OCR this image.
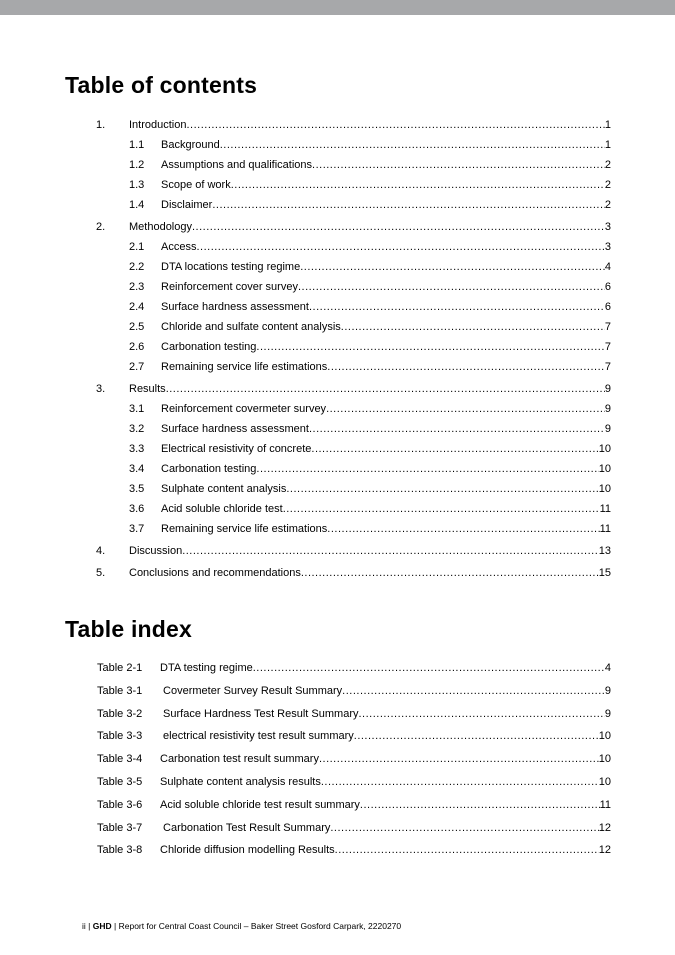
Table of contents
1. Introduction .....	1
1.1 Background .....	1
1.2 Assumptions and qualifications .....	2
1.3 Scope of work .....	2
1.4 Disclaimer .....	2
2. Methodology .....	3
2.1 Access .....	3
2.2 DTA locations testing regime .....	4
2.3 Reinforcement cover survey .....	6
2.4 Surface hardness assessment .....	6
2.5 Chloride and sulfate content analysis .....	7
2.6 Carbonation testing .....	7
2.7 Remaining service life estimations .....	7
3. Results .....	9
3.1 Reinforcement covermeter survey .....	9
3.2 Surface hardness assessment .....	9
3.3 Electrical resistivity of concrete .....	10
3.4 Carbonation testing .....	10
3.5 Sulphate content analysis .....	10
3.6 Acid soluble chloride test .....	11
3.7 Remaining service life estimations .....	11
4. Discussion .....	13
5. Conclusions and recommendations .....	15
Table index
Table 2-1 DTA testing regime .....	4
Table 3-1 Covermeter Survey Result Summary .....	9
Table 3-2 Surface Hardness Test Result Summary .....	9
Table 3-3 electrical resistivity test result summary .....	10
Table 3-4 Carbonation test result summary .....	10
Table 3-5 Sulphate content analysis results .....	10
Table 3-6 Acid soluble chloride test result summary .....	11
Table 3-7 Carbonation Test Result Summary .....	12
Table 3-8 Chloride diffusion modelling Results .....	12
ii | GHD | Report for Central Coast Council – Baker Street Gosford Carpark, 2220270
